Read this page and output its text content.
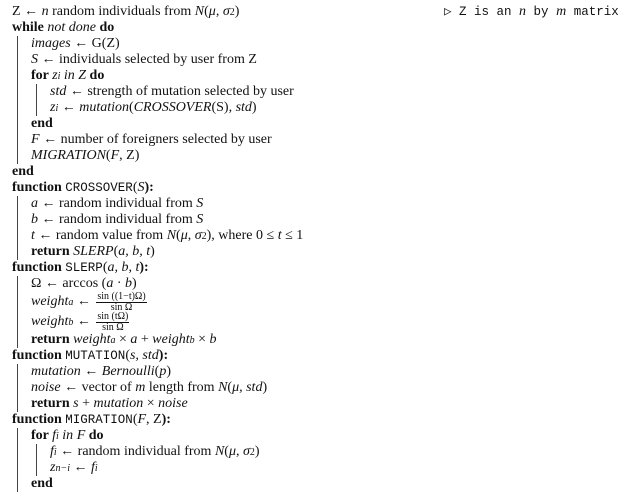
Z ← n random individuals from N ( μ , σ 2 )
while not done do
images ← G(Z)
S ← individuals selected by user from Z
for z i in Z do
std ← strength of mutation selected by user
z i ← mutation ( CROSSOVER (S), std )
end
F ← number of foreigners selected by user
MIGRATION ( F , Z)
end
function CROSSOVER ( S ):
a ← random individual from S
b ← random individual from S
t ← random value from N ( μ , σ 2 ), where 0 ≤ t ≤ 1
return SLERP ( a, b, t )
function SLERP ( a, b, t ):
Ω ← arccos ( a · b )
weight a ← $\frac{\sin ((1-t)\Omega)}{\text{sin Ω}}$
weight b ← $\frac{\sin (t\Omega)}{\text{sin Ω}}$
return weight a × a + weight b × b
function MUTATION ( s, std ):
mutation ← Bernoulli ( p )
noise ← vector of m length from N ( μ, std )
return s + mutation × noise
function MIGRATION ( F , Z ):
for f i in F do
f i ← random individual from N ( μ , σ 2 )
z n−i ← f i
end
▷ Z is an n by m matrix
